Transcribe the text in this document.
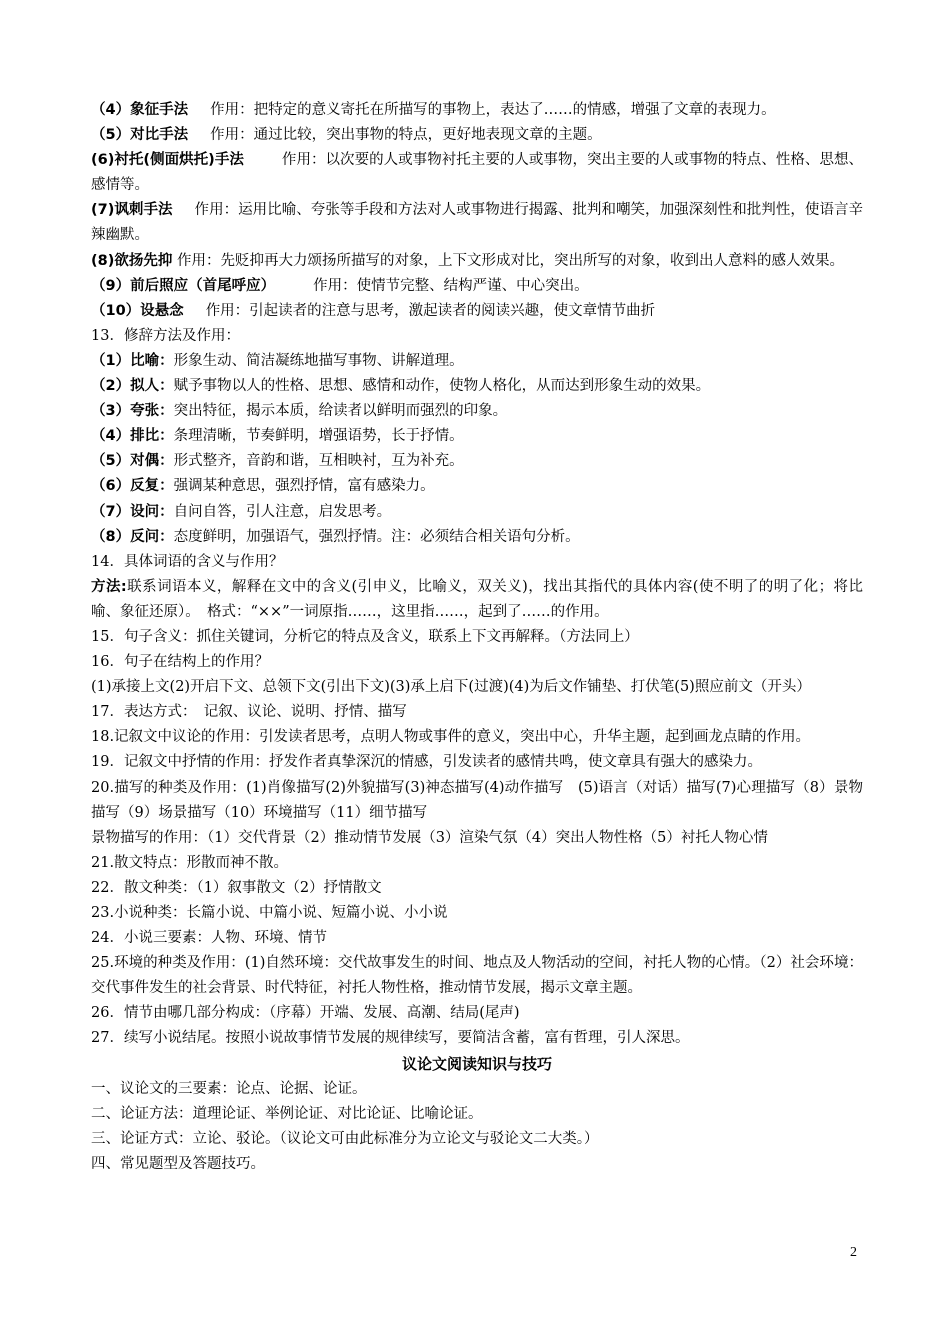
（4）象征手法 作用：把特定的意义寄托在所描写的事物上，表达了……的情感，增强了文章的表现力。
（5）对比手法 作用：通过比较，突出事物的特点，更好地表现文章的主题。
(6)衬托(侧面烘托)手法	作用：以次要的人或事物衬托主要的人或事物，突出主要的人或事物的特点、性格、思想、感情等。
(7)讽刺手法 作用：运用比喻、夸张等手段和方法对人或事物进行揭露、批判和嘲笑，加强深刻性和批判性，使语言辛辣幽默。
(8)欲扬先抑 作用：先贬抑再大力颂扬所描写的对象，上下文形成对比，突出所写的对象，收到出人意料的感人效果。
（9）前后照应（首尾呼应）	作用：使情节完整、结构严谨、中心突出。
（10）设悬念 作用：引起读者的注意与思考，激起读者的阅读兴趣，使文章情节曲折
13．修辞方法及作用：
（1）比喻：形象生动、简洁凝练地描写事物、讲解道理。
（2）拟人：赋予事物以人的性格、思想、感情和动作，使物人格化，从而达到形象生动的效果。
（3）夸张：突出特征，揭示本质，给读者以鲜明而强烈的印象。
（4）排比：条理清晰，节奏鲜明，增强语势，长于抒情。
（5）对偶：形式整齐，音韵和谐，互相映衬，互为补充。
（6）反复：强调某种意思，强烈抒情，富有感染力。
（7）设问：自问自答，引人注意，启发思考。
（8）反问：态度鲜明，加强语气，强烈抒情。注：必须结合相关语句分析。
14．具体词语的含义与作用？
方法:联系词语本义，解释在文中的含义(引申义，比喻义，双关义)，找出其指代的具体内容(使不明了的明了化；将比喻、象征还原）。　格式：“××”一词原指……，这里指……，起到了……的作用。
15．句子含义：抓住关键词，分析它的特点及含义，联系上下文再解释。（方法同上）
16．句子在结构上的作用？
(1)承接上文(2)开启下文、总领下文(引出下文)(3)承上启下(过渡)(4)为后文作铺垫、打伏笔(5)照应前文（开头）
17．表达方式：　记叙、议论、说明、抒情、描写
18.记叙文中议论的作用：引发读者思考，点明人物或事件的意义，突出中心，升华主题，起到画龙点睛的作用。
19．记叙文中抒情的作用：抒发作者真挚深沉的情感，引发读者的感情共鸣，使文章具有强大的感染力。
20.描写的种类及作用：(1)肖像描写(2)外貌描写(3)神态描写(4)动作描写　(5)语言（对话）描写(7)心理描写（8）景物描写（9）场景描写（10）环境描写（11）细节描写
景物描写的作用：（1）交代背景（2）推动情节发展（3）渲染气氛（4）突出人物性格（5）衬托人物心情
21.散文特点：形散而神不散。
22．散文种类：（1）叙事散文（2）抒情散文
23.小说种类：长篇小说、中篇小说、短篇小说、小小说
24．小说三要素：人物、环境、情节
25.环境的种类及作用：(1)自然环境：交代故事发生的时间、地点及人物活动的空间，衬托人物的心情。（2）社会环境：交代事件发生的社会背景、时代特征，衬托人物性格，推动情节发展，揭示文章主题。
26．情节由哪几部分构成：（序幕）开端、发展、高潮、结局(尾声)
27．续写小说结尾。按照小说故事情节发展的规律续写，要简洁含蓄，富有哲理，引人深思。
议论文阅读知识与技巧
一、议论文的三要素：论点、论据、论证。
二、论证方法：道理论证、举例论证、对比论证、比喻论证。
三、论证方式：立论、驳论。（议论文可由此标准分为立论文与驳论文二大类。）
四、常见题型及答题技巧。
2
